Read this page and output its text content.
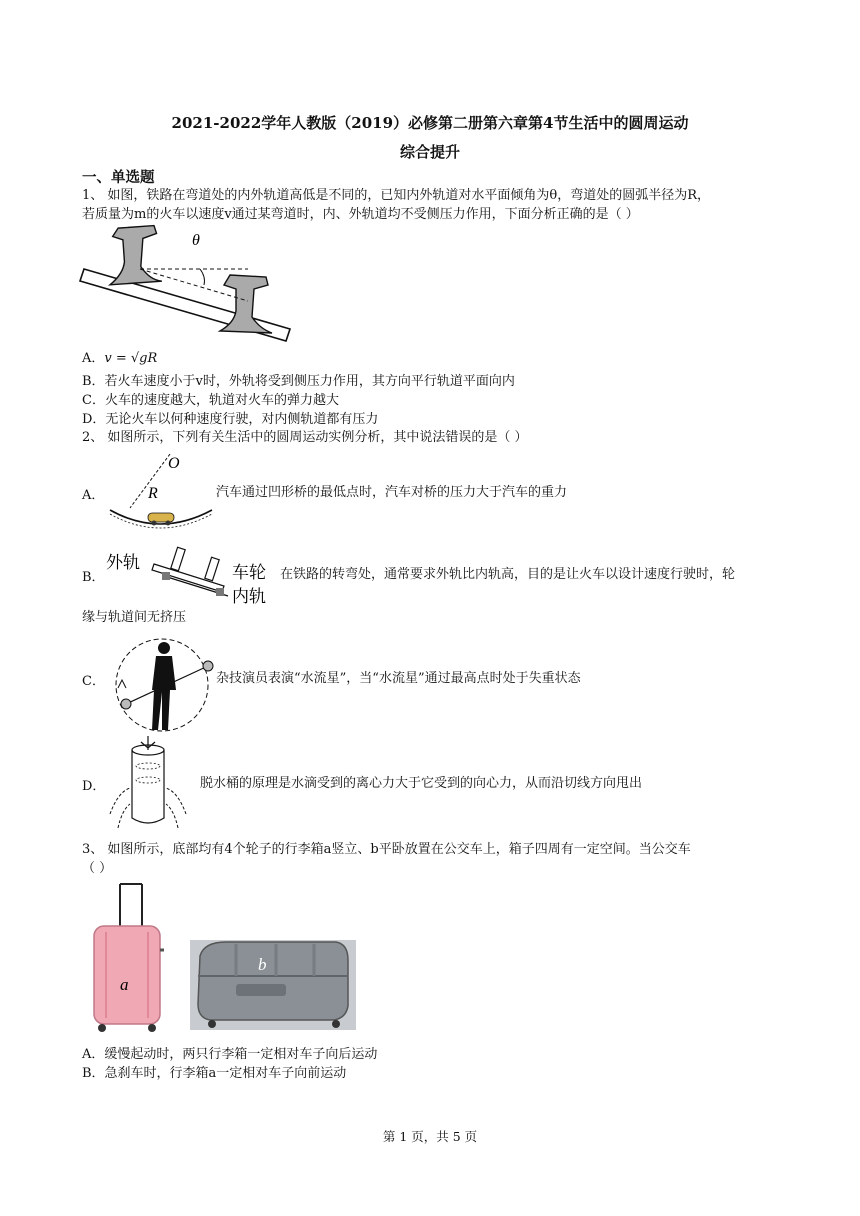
2021-2022学年人教版（2019）必修第二册第六章第4节生活中的圆周运动
综合提升
一、单选题
1、 如图，铁路在弯道处的内外轨道高低是不同的，已知内外轨道对水平面倾角为θ，弯道处的圆弧半径为R，
若质量为m的火车以速度v通过某弯道时，内、外轨道均不受侧压力作用，下面分析正确的是（ ）
θ
A．v = √gR
B．若火车速度小于v时，外轨将受到侧压力作用，其方向平行轨道平面向内
C．火车的速度越大，轨道对火车的弹力越大
D．无论火车以何种速度行驶，对内侧轨道都有压力
2、 如图所示，下列有关生活中的圆周运动实例分析，其中说法错误的是（ ）
A．
O
R	汽车通过凹形桥的最低点时，汽车对桥的压力大于汽车的重力
B．
外轨	车轮
内轨
在铁路的转弯处，通常要求外轨比内轨高，目的是让火车以设计速度行驶时，轮
缘与轨道间无挤压
C．	杂技演员表演“水流星”，当“水流星”通过最高点时处于失重状态
D．	脱水桶的原理是水滴受到的离心力大于它受到的向心力，从而沿切线方向甩出
3、 如图所示，底部均有4个轮子的行李箱a竖立、b平卧放置在公交车上，箱子四周有一定空间。当公交车
（ ）
a
b
A．缓慢起动时，两只行李箱一定相对车子向后运动
B．急刹车时，行李箱a一定相对车子向前运动
第 1 页，共 5 页
